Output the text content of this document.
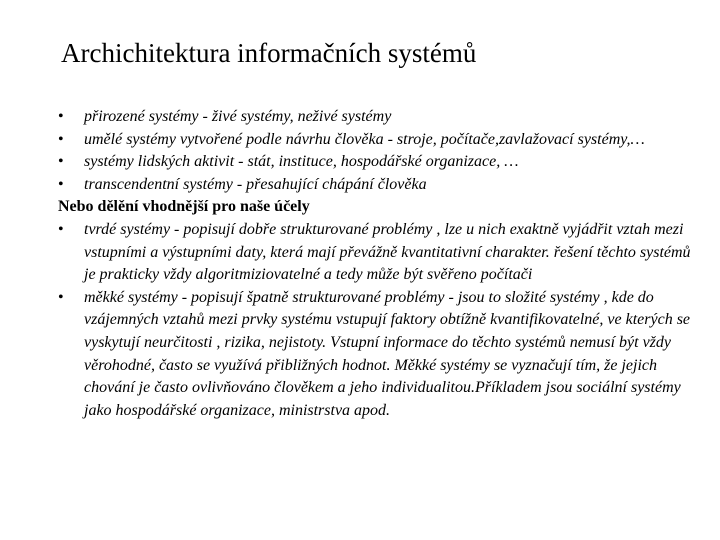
Archichitektura informačních systémů
• přirozené systémy - živé systémy, neživé systémy
• umělé systémy vytvořené podle návrhu člověka - stroje, počítače,zavlažovací systémy,…
• systémy lidských aktivit - stát, instituce, hospodářské organizace, …
• transcendentní systémy - přesahující chápání člověka
Nebo dělění vhodnější pro naše účely
• tvrdé systémy - popisují dobře strukturované problémy , lze u nich exaktně vyjádřit vztah mezi vstupními a výstupními daty, která mají převážně kvantitativní charakter. řešení těchto systémů je prakticky vždy algoritmiziovatelné a tedy může být svěřeno počítači
• měkké systémy - popisují špatně strukturované problémy - jsou to složité systémy , kde do vzájemných vztahů mezi prvky systému vstupují faktory obtížně kvantifikovatelné, ve kterých se vyskytují neurčitosti , rizika, nejistoty. Vstupní informace do těchto systémů nemusí být vždy věrohodné, často se využívá přibližných hodnot. Měkké systémy se vyznačují tím, že jejich chování je často ovlivňováno člověkem a jeho individualitou.Příkladem jsou sociální systémy jako hospodářské organizace, ministrstva apod.
